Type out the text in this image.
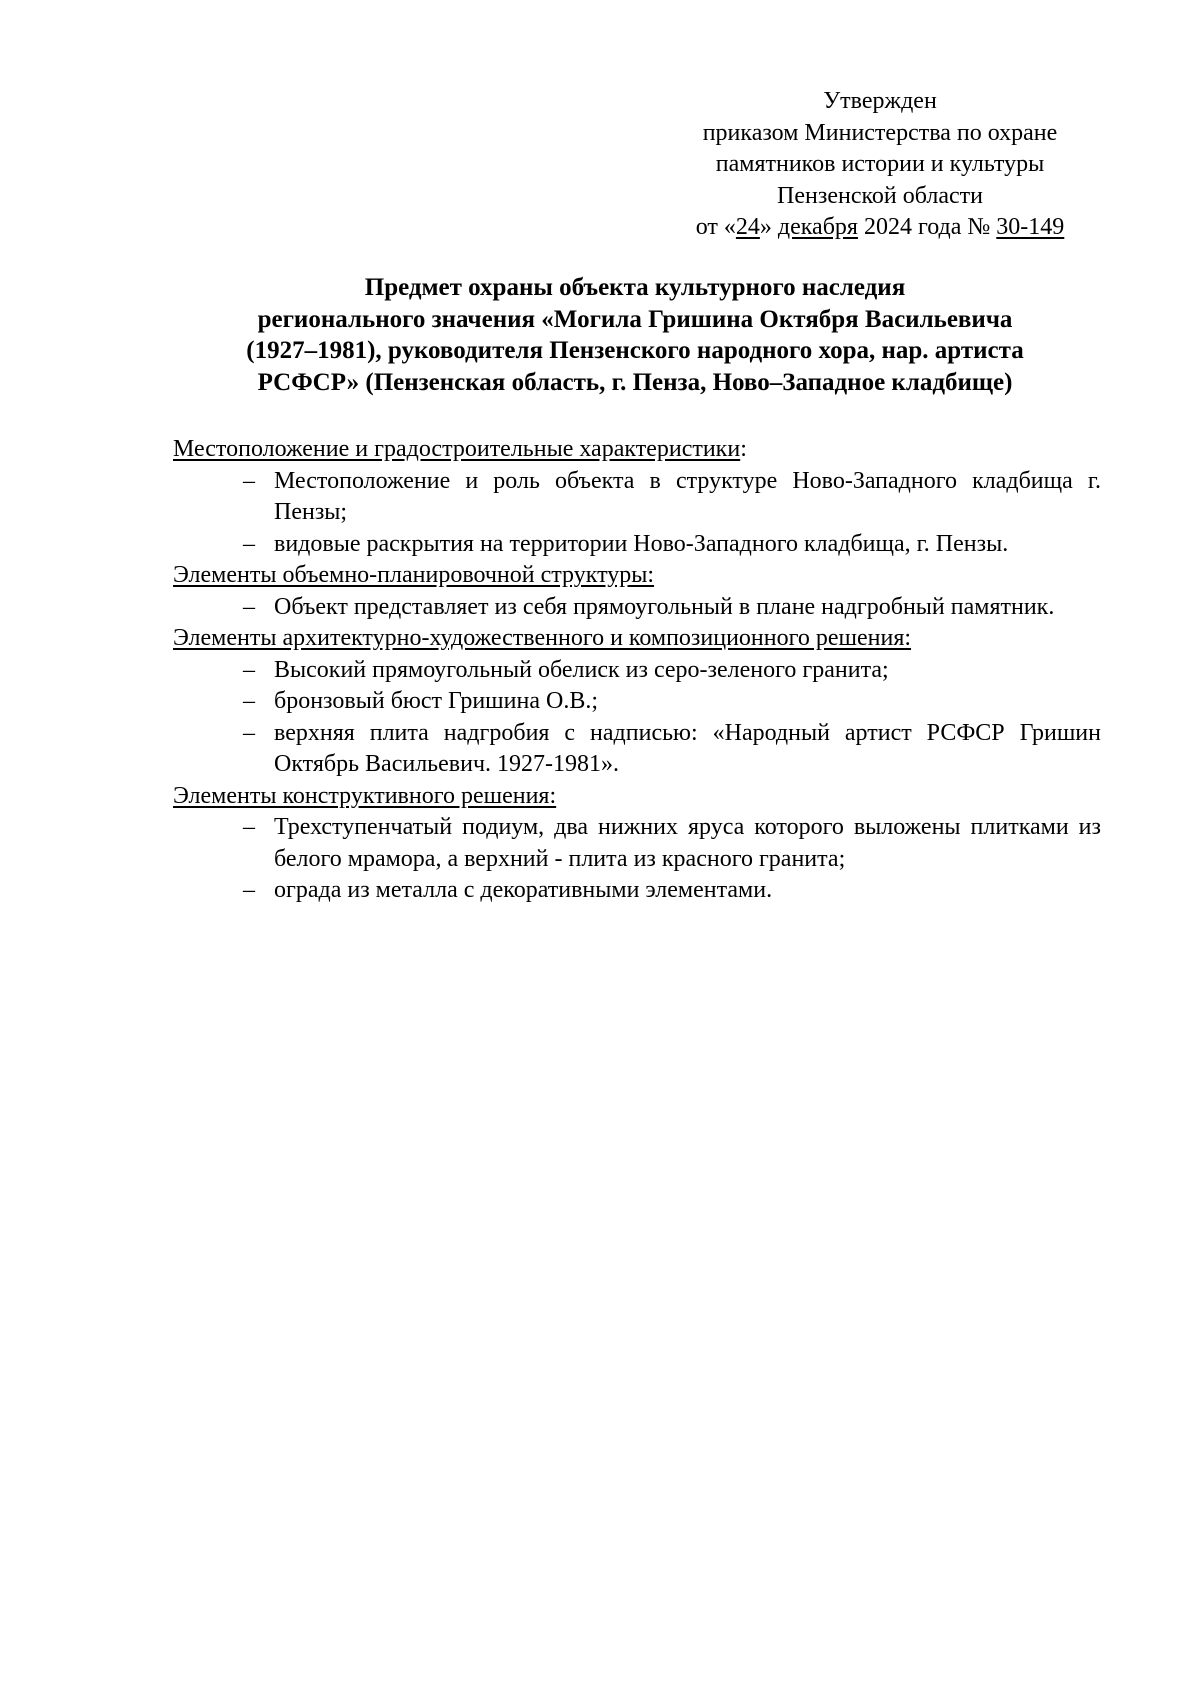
Утвержден
приказом Министерства по охране
памятников истории и культуры
Пензенской области
от «24» декабря 2024 года № 30-149
Предмет охраны объекта культурного наследия
регионального значения «Могила Гришина Октября Васильевича
(1927–1981), руководителя Пензенского народного хора, нар. артиста
РСФСР» (Пензенская область, г. Пенза, Ново–Западное кладбище)
Местоположение и градостроительные характеристики:
– Местоположение и роль объекта в структуре Ново-Западного кладбища г. Пензы;
– видовые раскрытия на территории Ново-Западного кладбища, г. Пензы.
Элементы объемно-планировочной структуры:
– Объект представляет из себя прямоугольный в плане надгробный памятник.
Элементы архитектурно-художественного и композиционного решения:
– Высокий прямоугольный обелиск из серо-зеленого гранита;
– бронзовый бюст Гришина О.В.;
– верхняя плита надгробия с надписью: «Народный артист РСФСР Гришин Октябрь Васильевич. 1927-1981».
Элементы конструктивного решения:
– Трехступенчатый подиум, два нижних яруса которого выложены плитками из белого мрамора, а верхний - плита из красного гранита;
– ограда из металла с декоративными элементами.
